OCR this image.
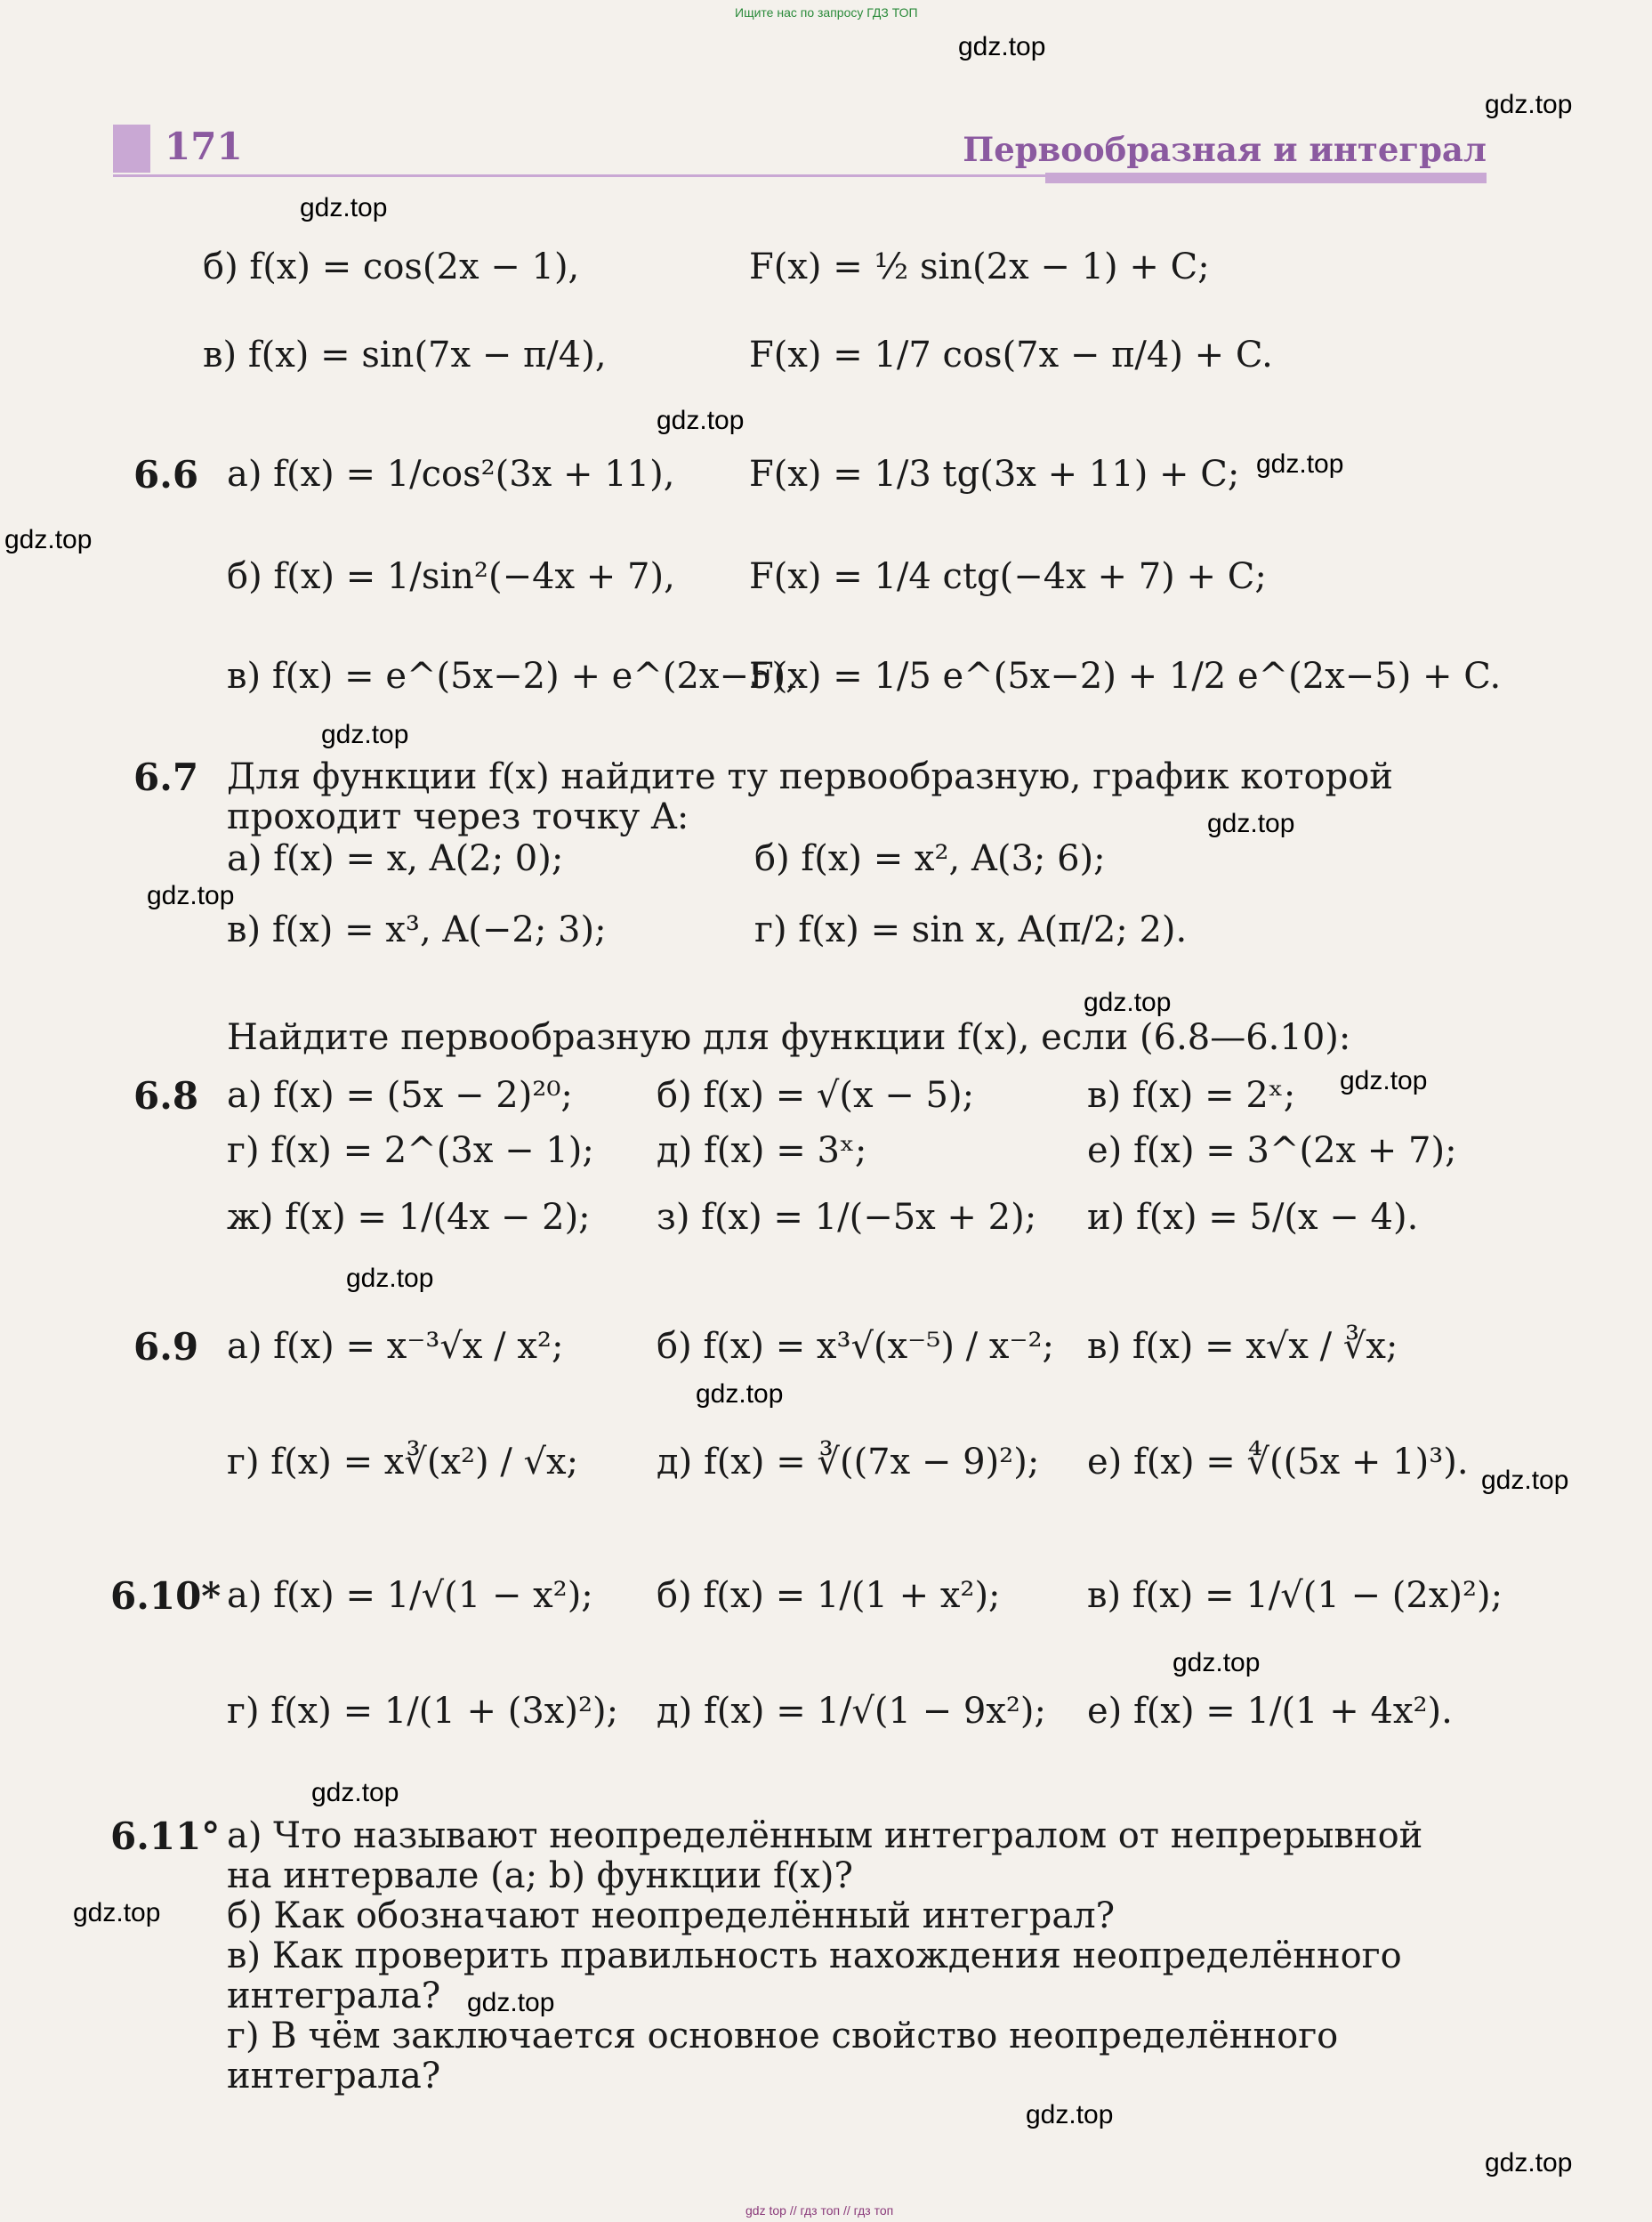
Ищите нас по запросу ГДЗ ТОП
171	Первообразная и интеграл
б) f(x) = cos(2x − 1),	F(x) = ½ sin(2x − 1) + C;
в) f(x) = sin(7x − π/4),	F(x) = 1/7 cos(7x − π/4) + C.
6.6 а) f(x) = 1/cos²(3x + 11), F(x) = 1/3 tg(3x + 11) + C;
б) f(x) = 1/sin²(−4x + 7), F(x) = 1/4 ctg(−4x + 7) + C;
в) f(x) = e^(5x−2) + e^(2x−5),
F(x) = 1/5 e^(5x−2) + 1/2 e^(2x−5) + C.
6.7 Для функции f(x) найдите ту первообразную, график которой
проходит через точку A:
а) f(x) = x, A(2; 0);	б) f(x) = x², A(3; 6);
в) f(x) = x³, A(−2; 3);	г) f(x) = sin x, A(π/2; 2).
Найдите первообразную для функции f(x), если (6.8—6.10):
6.8 а) f(x) = (5x − 2)²⁰; б) f(x) = √(x − 5);	в) f(x) = 2ˣ;
г) f(x) = 2^(3x − 1); д) f(x) = 3ˣ;	е) f(x) = 3^(2x + 7);
ж) f(x) = 1/(4x − 2); з) f(x) = 1/(−5x + 2); и) f(x) = 5/(x − 4).
6.9 а) f(x) = x⁻³√x / x²;	б) f(x) = x³√(x⁻⁵) / x⁻²; в) f(x) = x√x / ∛x;
г) f(x) = x∛(x²) / √x; д) f(x) = ∛((7x − 9)²); е) f(x) = ∜((5x + 1)³).
6.10* а) f(x) = 1/√(1 − x²); б) f(x) = 1/(1 + x²); в) f(x) = 1/√(1 − (2x)²);
г) f(x) = 1/(1 + (3x)²); д) f(x) = 1/√(1 − 9x²); е) f(x) = 1/(1 + 4x²).
6.11° а) Что называют неопределённым интегралом от непрерывной
на интервале (a; b) функции f(x)?
б) Как обозначают неопределённый интеграл?
в) Как проверить правильность нахождения неопределённого
интеграла?
г) В чём заключается основное свойство неопределённого
интеграла?
gdz.top
gdz.top
gdz.top
gdz.top
gdz.top
gdz.top
gdz.top
gdz.top
gdz.top
gdz.top
gdz.top
gdz.top
gdz.top
gdz.top
gdz.top
gdz.top
gdz.top
gdz.top
gdz.top
gdz.top
gdz top // гдз топ // гдз топ
